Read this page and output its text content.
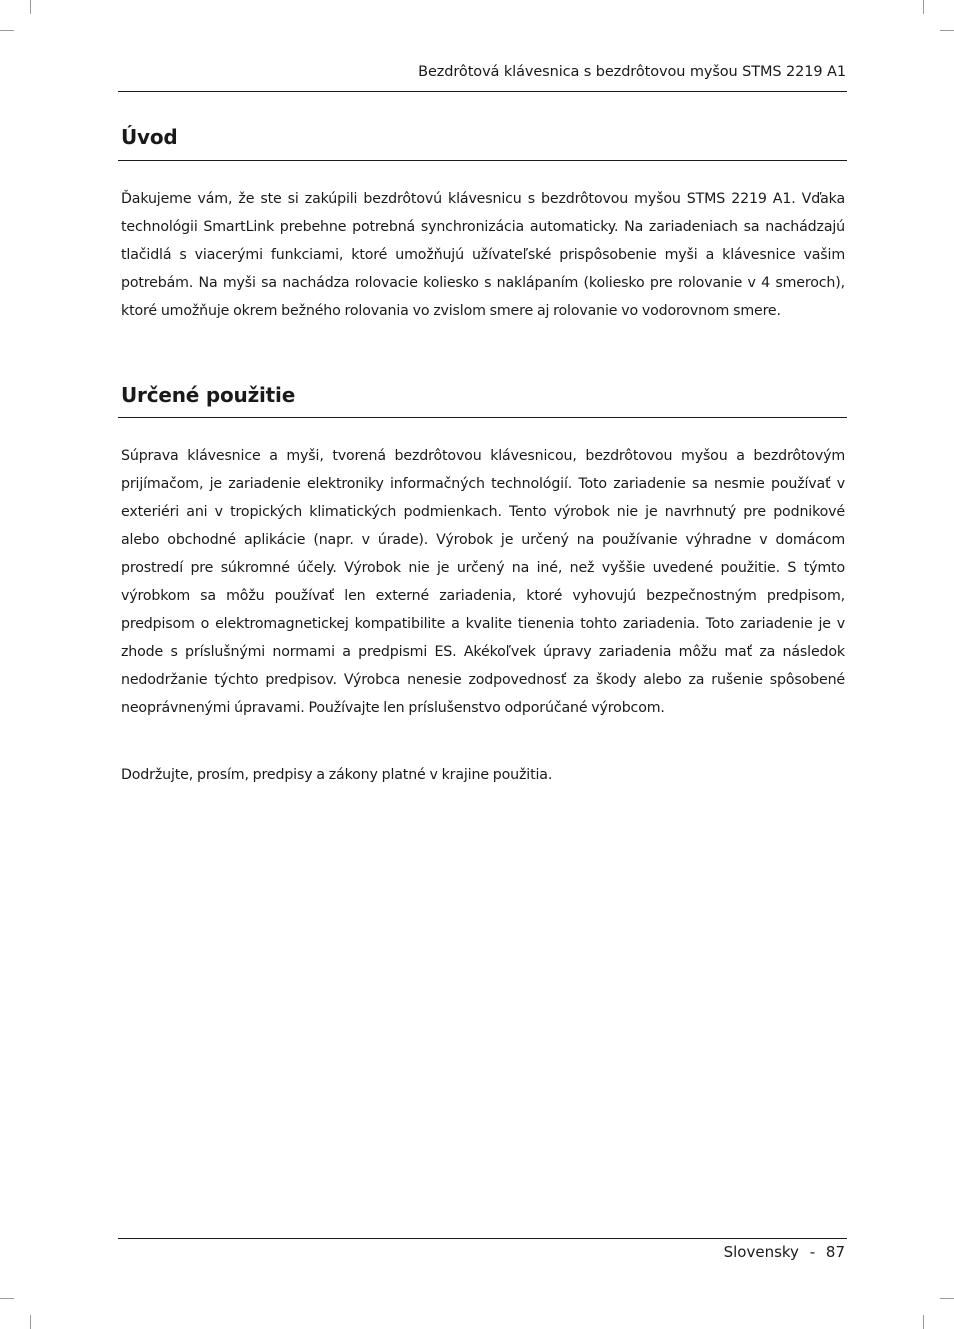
Bezdrôtová klávesnica s bezdrôtovou myšou STMS 2219 A1
Úvod

Ďakujeme vám, že ste si zakúpili bezdrôtovú klávesnicu s bezdrôtovou myšou STMS 2219 A1. Vďaka technológii SmartLink prebehne potrebná synchronizácia automaticky. Na zariadeniach sa nachádzajú tlačidlá s viacerými funkciami, ktoré umožňujú užívateľské prispôsobenie myši a klávesnice vašim potrebám. Na myši sa nachádza rolovacie koliesko s naklápaním (koliesko pre rolovanie v 4 smeroch), ktoré umožňuje okrem bežného rolovania vo zvislom smere aj rolovanie vo vodorovnom smere.

Určené použitie

Súprava klávesnice a myši, tvorená bezdrôtovou klávesnicou, bezdrôtovou myšou a bezdrôtovým prijímačom, je zariadenie elektroniky informačných technológií. Toto zariadenie sa nesmie používať v exteriéri ani v tropických klimatických podmienkach. Tento výrobok nie je navrhnutý pre podnikové alebo obchodné aplikácie (napr. v úrade). Výrobok je určený na používanie výhradne v domácom prostredí pre súkromné účely. Výrobok nie je určený na iné, než vyššie uvedené použitie. S týmto výrobkom sa môžu používať len externé zariadenia, ktoré vyhovujú bezpečnostným predpisom, predpisom o elektromagnetickej kompatibilite a kvalite tienenia tohto zariadenia. Toto zariadenie je v zhode s príslušnými normami a predpismi ES. Akékoľvek úpravy zariadenia môžu mať za následok nedodržanie týchto predpisov. Výrobca nenesie zodpovednosť za škody alebo za rušenie spôsobené neoprávnenými úpravami. Používajte len príslušenstvo odporúčané výrobcom.

Dodržujte, prosím, predpisy a zákony platné v krajine použitia.

Slovensky - 87
